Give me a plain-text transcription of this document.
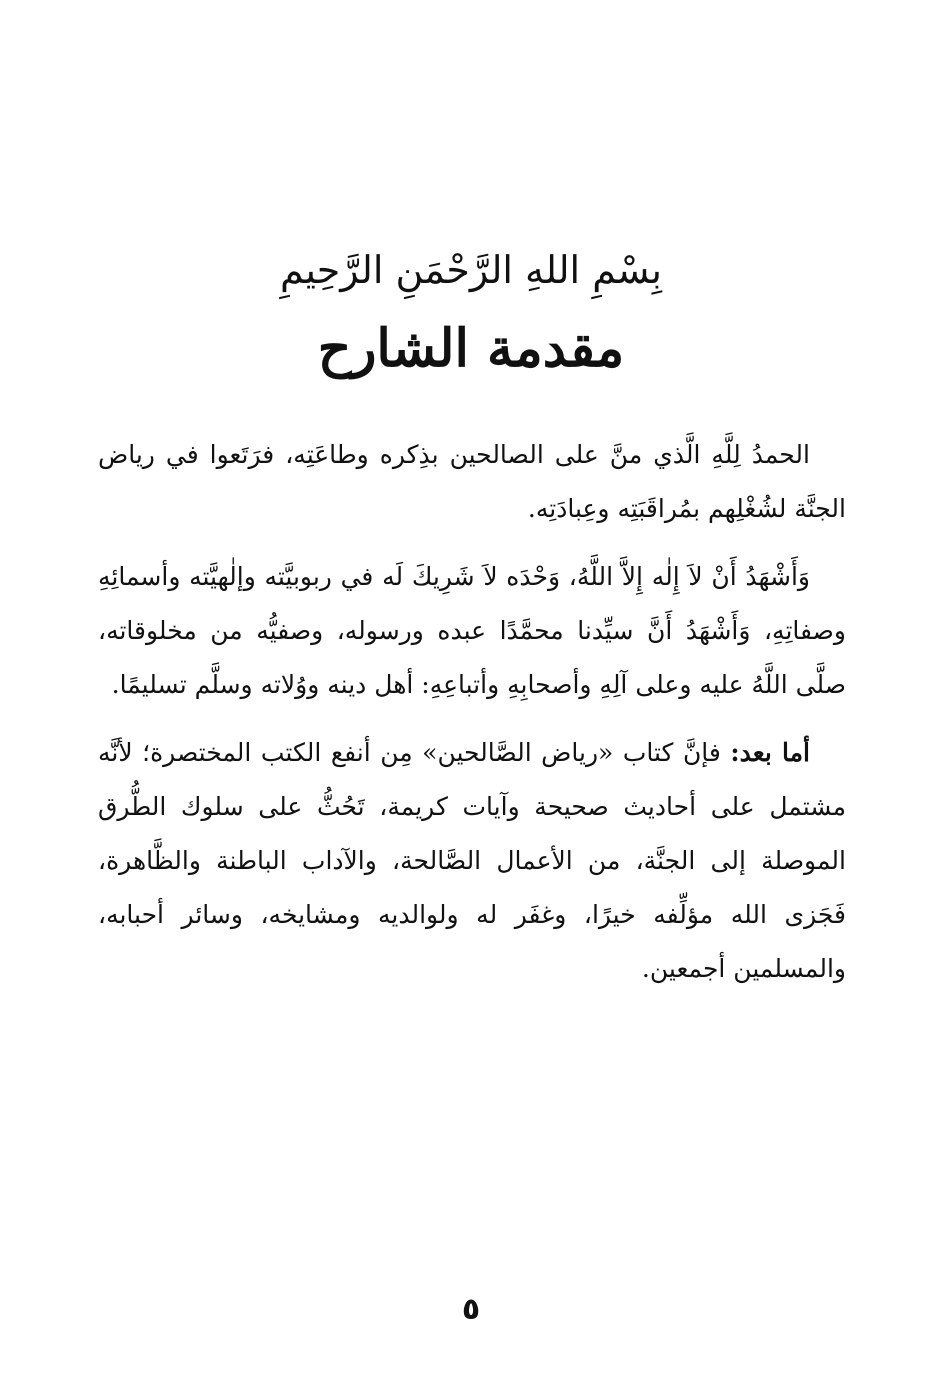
بِسْمِ اللهِ الرَّحْمَنِ الرَّحِيمِ
مقدمة الشارح

الحمدُ لِلَّهِ الَّذي منَّ على الصالحين بذِكره وطاعَتِه، فرَتَعوا في رياض الجنَّة لشُغْلِهم بمُراقَبَتِه وعِبادَتِه.

وَأَشْهَدُ أَنْ لاَ إِلٰه إِلاَّ اللَّهُ، وَحْدَه لاَ شَرِيكَ لَه في ربوبيَّته وإلٰهيَّته وأسمائِهِ وصفاتِهِ، وَأَشْهَدُ أَنَّ سيِّدنا محمَّدًا عبده ورسوله، وصفيُّه من مخلوقاته، صلَّى اللَّهُ عليه وعلى آلِهِ وأصحابِهِ وأتباعِهِ: أهل دينه ووُلاته وسلَّم تسليمًا.

أما بعد: فإنَّ كتاب «رياض الصَّالحين» مِن أنفع الكتب المختصرة؛ لأنَّه مشتمل على أحاديث صحيحة وآيات كريمة، تَحُثُّ على سلوك الطُّرق الموصلة إلى الجنَّة، من الأعمال الصَّالحة، والآداب الباطنة والظَّاهرة، فَجَزى الله مؤلِّفه خيرًا، وغفَر له ولوالديه ومشايخه، وسائر أحبابه، والمسلمين أجمعين.

٥
